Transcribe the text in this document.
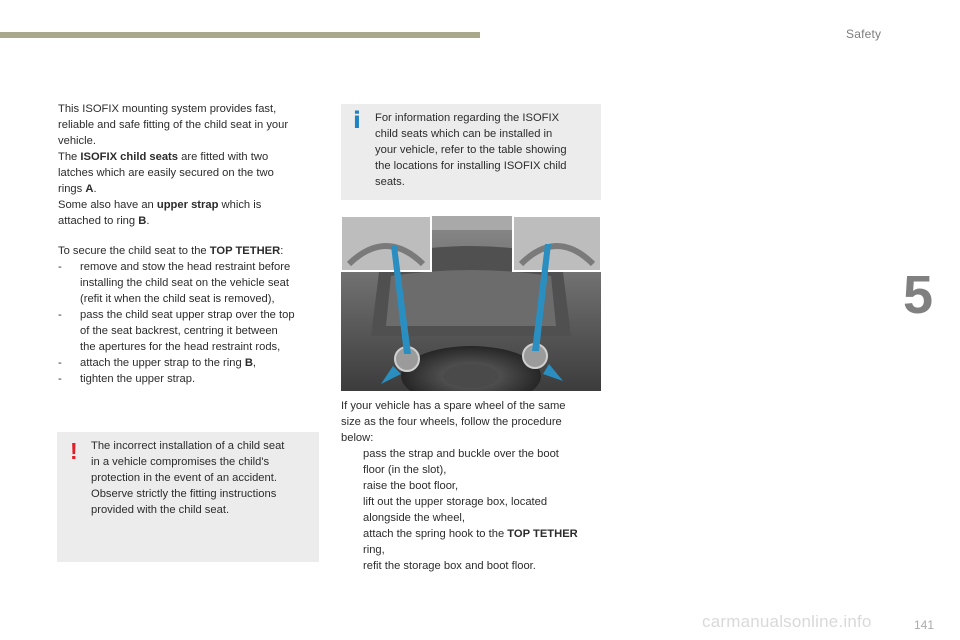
Safety
5
141
carmanualsonline.info
This ISOFIX mounting system provides fast,
reliable and safe fitting of the child seat in your
vehicle.
The ISOFIX child seats are fitted with two
latches which are easily secured on the two
rings A.
Some also have an upper strap which is
attached to ring B.
To secure the child seat to the TOP TETHER:
- remove and stow the head restraint before
installing the child seat on the vehicle seat
(refit it when the child seat is removed),
- pass the child seat upper strap over the top
of the seat backrest, centring it between
the apertures for the head restraint rods,
- attach the upper strap to the ring B,
- tighten the upper strap.
! The incorrect installation of a child seat
in a vehicle compromises the child's
protection in the event of an accident.
Observe strictly the fitting instructions
provided with the child seat.
i For information regarding the ISOFIX
child seats which can be installed in
your vehicle, refer to the table showing
the locations for installing ISOFIX child
seats.
If your vehicle has a spare wheel of the same
size as the four wheels, follow the procedure
below:
pass the strap and buckle over the boot
floor (in the slot),
raise the boot floor,
lift out the upper storage box, located
alongside the wheel,
attach the spring hook to the TOP TETHER
ring,
refit the storage box and boot floor.
